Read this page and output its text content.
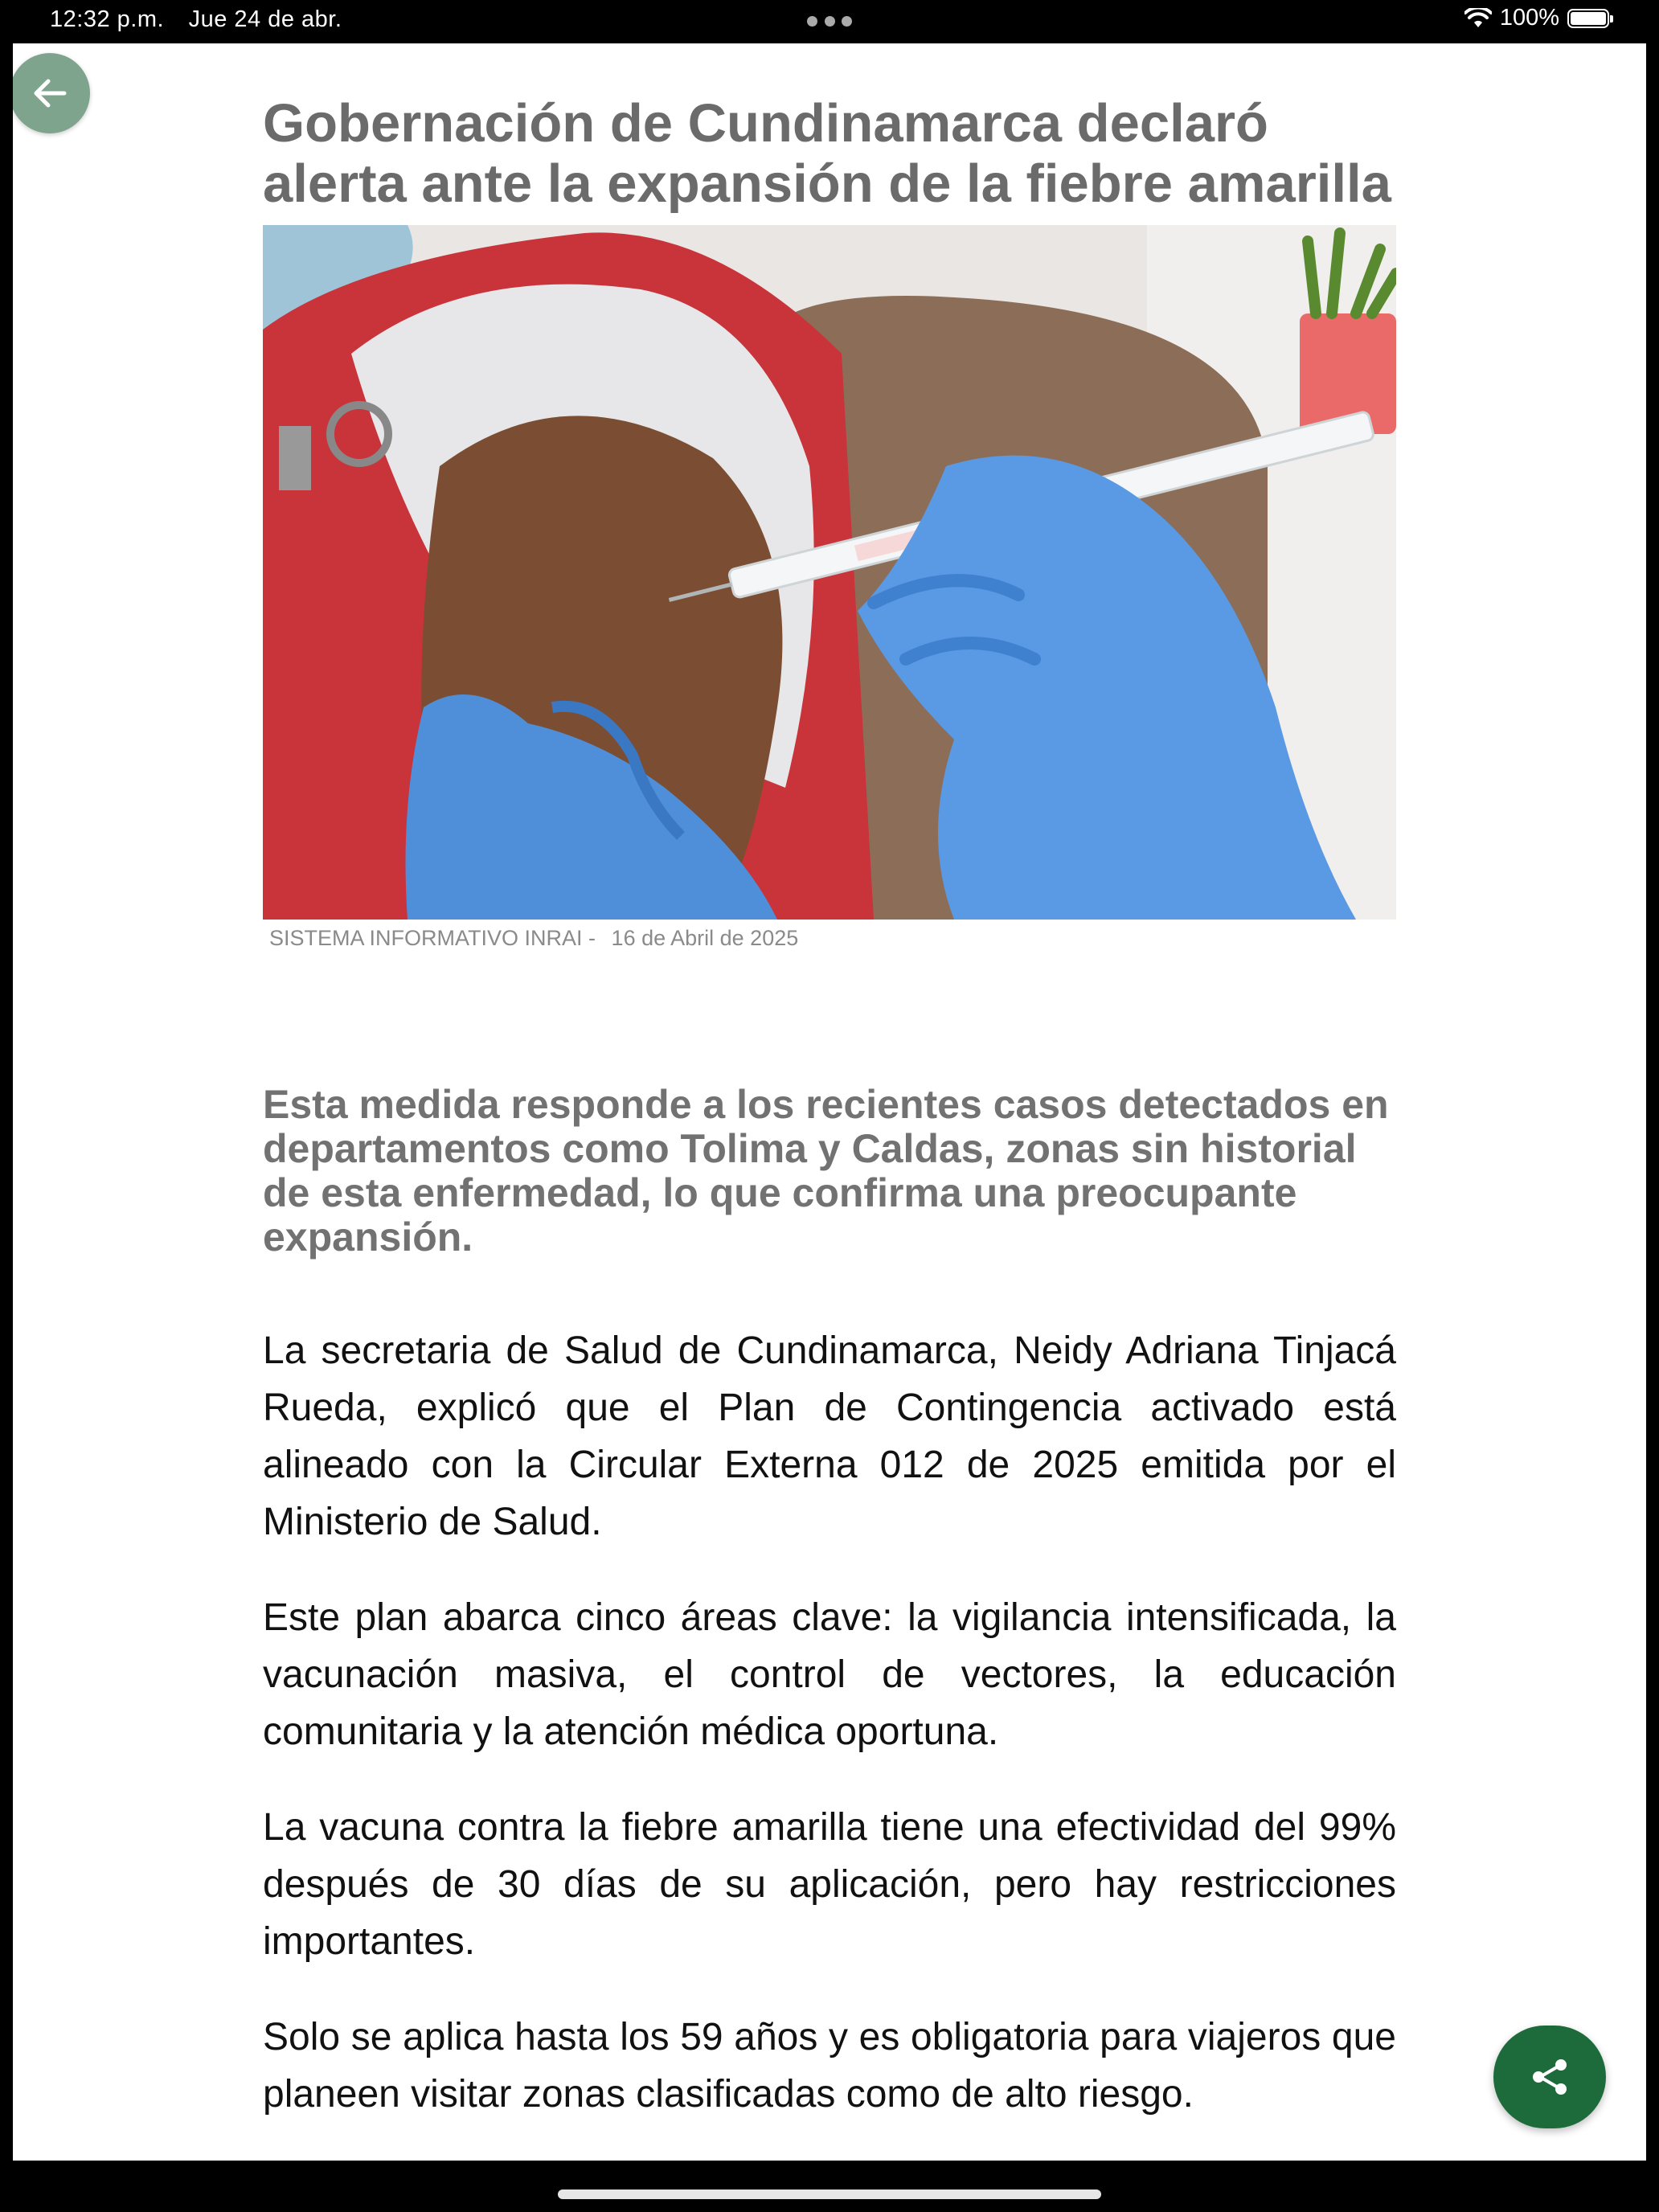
12:32 p.m. Jue 24 de abr.	100%
Gobernación de Cundinamarca declaró alerta ante la expansión de la fiebre amarilla
SISTEMA INFORMATIVO INRAI - 16 de Abril de 2025

Esta medida responde a los recientes casos detectados en departamentos como Tolima y Caldas, zonas sin historial de esta enfermedad, lo que confirma una preocupante expansión.

La secretaria de Salud de Cundinamarca, Neidy Adriana Tinjacá Rueda, explicó que el Plan de Contingencia activado está alineado con la Circular Externa 012 de 2025 emitida por el Ministerio de Salud.

Este plan abarca cinco áreas clave: la vigilancia intensificada, la vacunación masiva, el control de vectores, la educación comunitaria y la atención médica oportuna.

La vacuna contra la fiebre amarilla tiene una efectividad del 99% después de 30 días de su aplicación, pero hay restricciones importantes.

Solo se aplica hasta los 59 años y es obligatoria para viajeros que planeen visitar zonas clasificadas como de alto riesgo.
